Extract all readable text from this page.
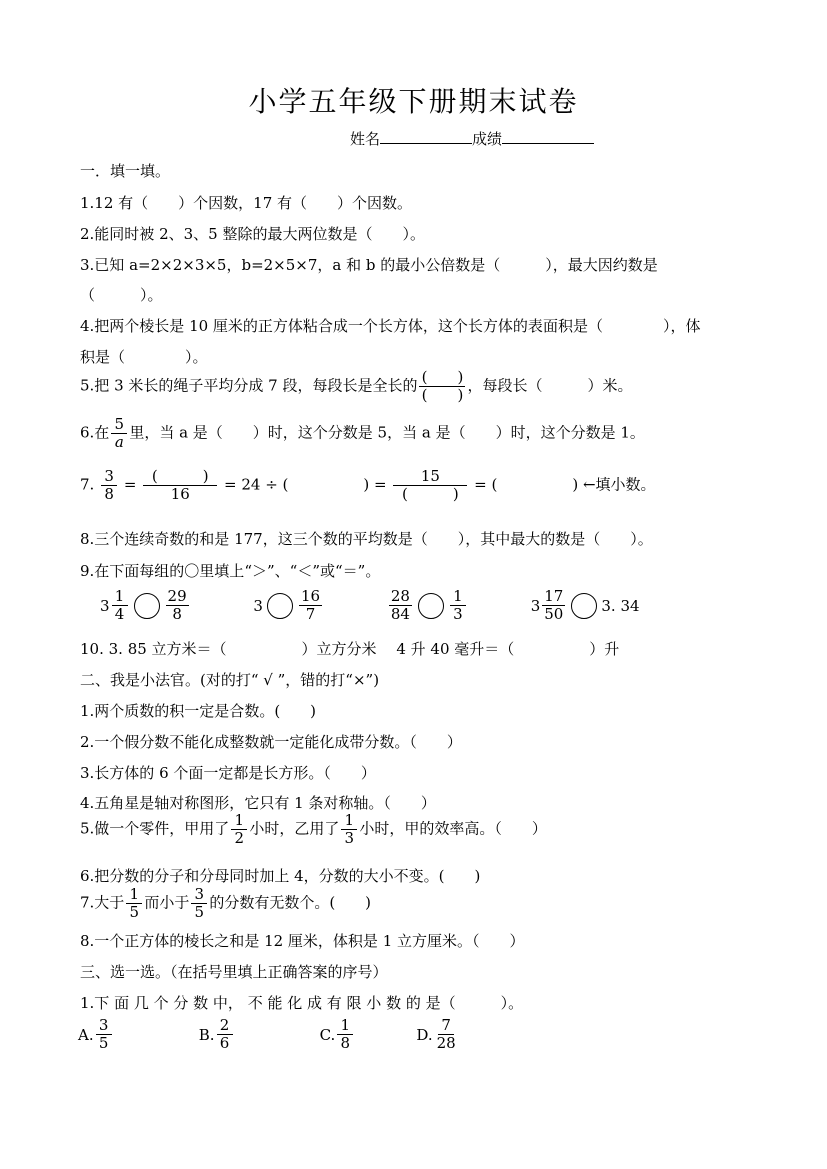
小学五年级下册期末试卷
姓名	成绩
一．填一填。
1.12 有（　　）个因数，17 有（　　）个因数。
2.能同时被 2、3、5 整除的最大两位数是（　　）。
3.已知 a=2×2×3×5，b=2×5×7，a 和 b 的最小公倍数是（　　　），最大因约数是
（　　　）。
4.把两个棱长是 10 厘米的正方体粘合成一个长方体，这个长方体的表面积是（　　　　），体
积是（　　　　）。
5.把 3 米长的绳子平均分成 7 段，每段长是全长的 $\frac{( )}{( )}$ ，每段长（　　　）米。
6.在 $\frac{5}{a}$ 里，当 a 是（　　）时，这个分数是 5，当 a 是（　　）时，这个分数是 1。
7. $\frac{3}{8} = \frac{( )}{16} = 24$ ÷ (　　　　　) = $\frac{15}{( )}$ = (　　　　　) ←填小数。
8.三个连续奇数的和是 177，这三个数的平均数是（　　），其中最大的数是（　　）。
9.在下面每组的〇里填上“＞”、“＜”或“＝”。
$3 \frac{1}{4}$	$\frac{29}{8}$
	$3 \frac{16}{7}$
	$\frac{28}{84}$	$\frac{1}{3}$
	$3 \frac{17}{50} 3$. 34
10. 3. 85 立方米＝（　　　　　）立方分米　 4 升 40 毫升＝（　　　　　）升
二、我是小法官。(对的打“ √ ”，错的打“×”)
1.两个质数的积一定是合数。(　　)
2.一个假分数不能化成整数就一定能化成带分数。（　　）
3.长方体的 6 个面一定都是长方形。（　　）
4.五角星是轴对称图形，它只有 1 条对称轴。（　　）
5.做一个零件，甲用了 $\frac{1}{2}$ 小时，乙用了 $\frac{1}{3}$ 小时，甲的效率高。（　　）
6.把分数的分子和分母同时加上 4，分数的大小不变。(　　)
7.大于 $\frac{1}{5}$ 而小于 $\frac{3}{5}$ 的分数有无数个。(　　)
8.一个正方体的棱长之和是 12 厘米，体积是 1 立方厘米。（　　）
三、选一选。（在括号里填上正确答案的序号）
1.下 面 几 个 分 数 中， 不 能 化 成 有 限 小 数 的 是（　　　）。
A. $\frac{3}{5}$
	B. $\frac{2}{6}$
	C. $\frac{1}{8}$
	D. $\frac{7}{28}$
